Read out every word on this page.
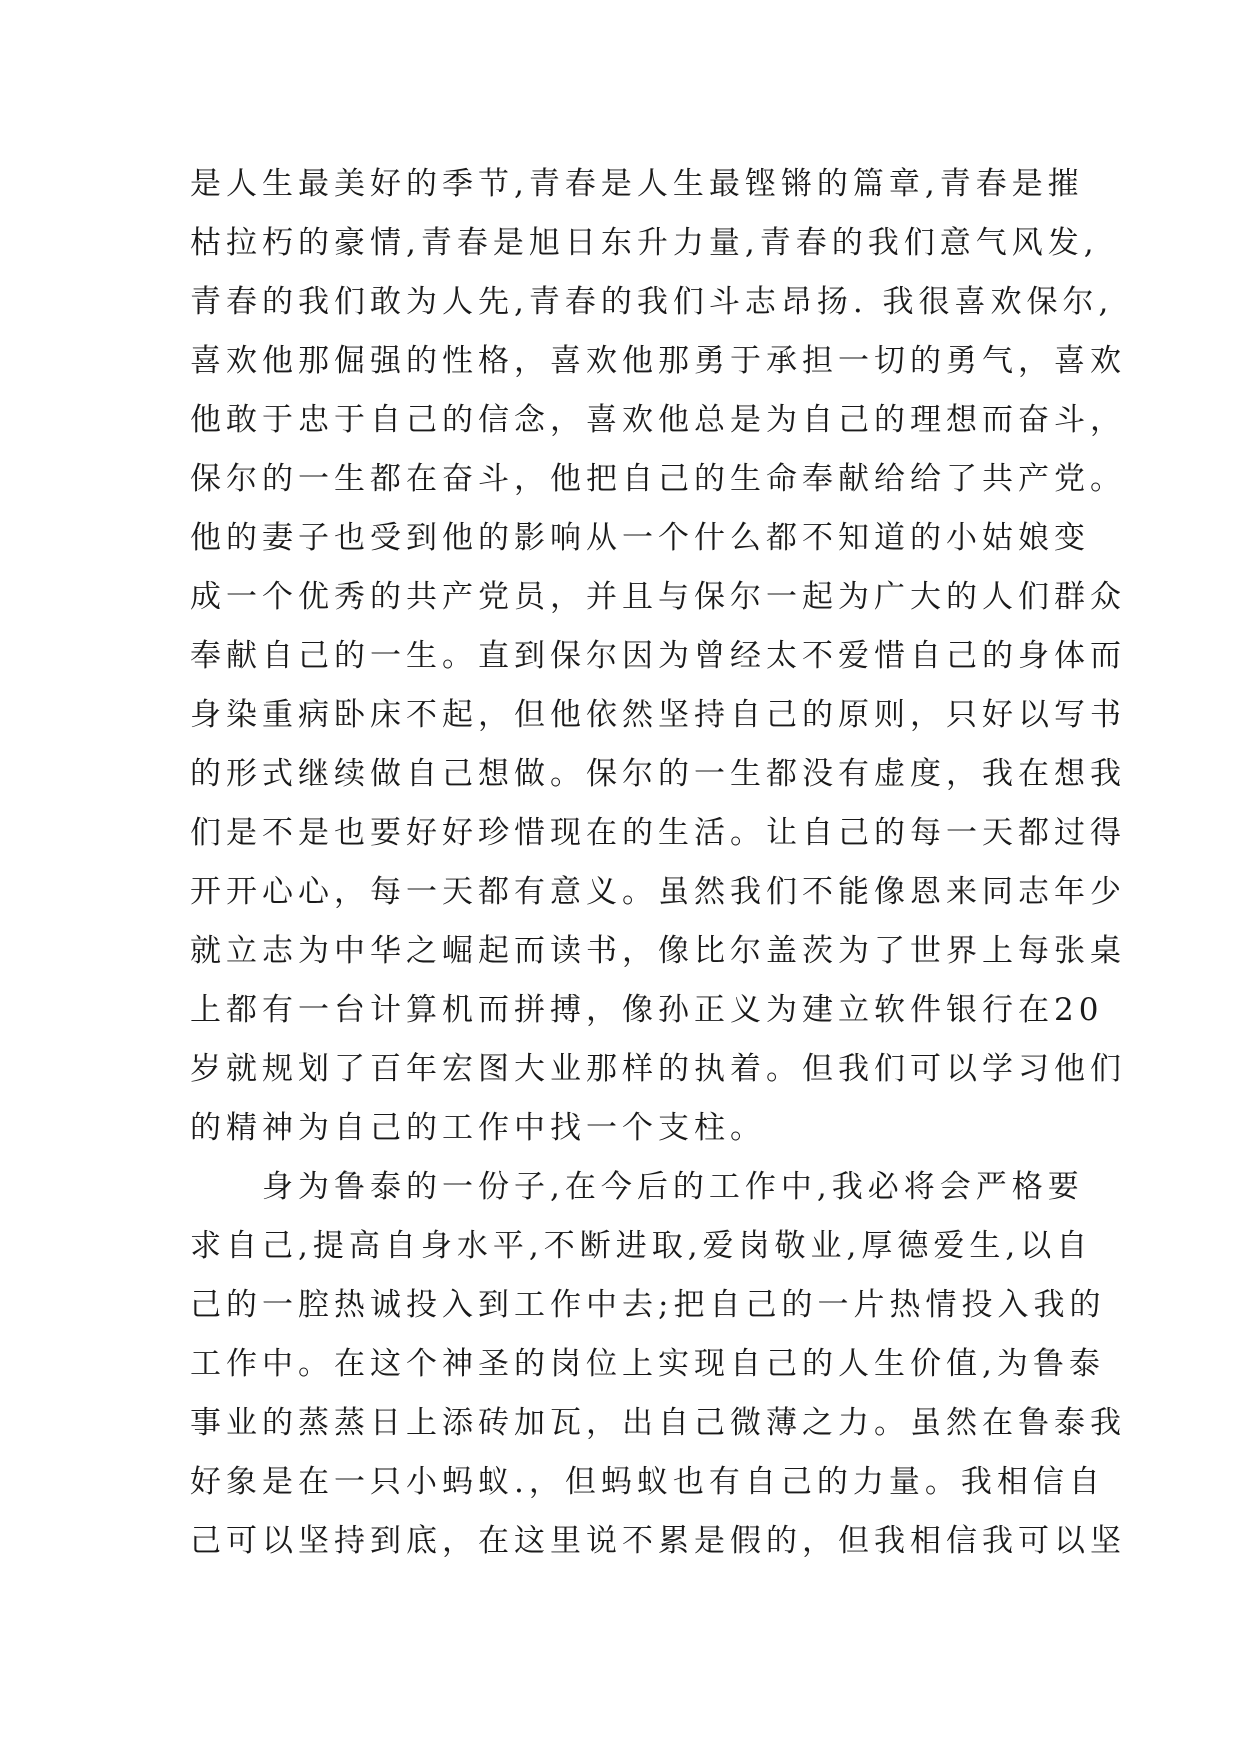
是人生最美好的季节,青春是人生最铿锵的篇章,青春是摧
枯拉朽的豪情,青春是旭日东升力量,青春的我们意气风发,
青春的我们敢为人先,青春的我们斗志昂扬. 我很喜欢保尔,
喜欢他那倔强的性格，喜欢他那勇于承担一切的勇气，喜欢
他敢于忠于自己的信念，喜欢他总是为自己的理想而奋斗，
保尔的一生都在奋斗，他把自己的生命奉献给给了共产党。
他的妻子也受到他的影响从一个什么都不知道的小姑娘变
成一个优秀的共产党员，并且与保尔一起为广大的人们群众
奉献自己的一生。直到保尔因为曾经太不爱惜自己的身体而
身染重病卧床不起，但他依然坚持自己的原则，只好以写书
的形式继续做自己想做。保尔的一生都没有虚度，我在想我
们是不是也要好好珍惜现在的生活。让自己的每一天都过得
开开心心，每一天都有意义。虽然我们不能像恩来同志年少
就立志为中华之崛起而读书，像比尔盖茨为了世界上每张桌
上都有一台计算机而拼搏，像孙正义为建立软件银行在20
岁就规划了百年宏图大业那样的执着。但我们可以学习他们
的精神为自己的工作中找一个支柱。
身为鲁泰的一份子,在今后的工作中,我必将会严格要
求自己,提高自身水平,不断进取,爱岗敬业,厚德爱生,以自
己的一腔热诚投入到工作中去;把自己的一片热情投入我的
工作中。在这个神圣的岗位上实现自己的人生价值,为鲁泰
事业的蒸蒸日上添砖加瓦，出自己微薄之力。虽然在鲁泰我
好象是在一只小蚂蚁.，但蚂蚁也有自己的力量。我相信自
己可以坚持到底，在这里说不累是假的，但我相信我可以坚
